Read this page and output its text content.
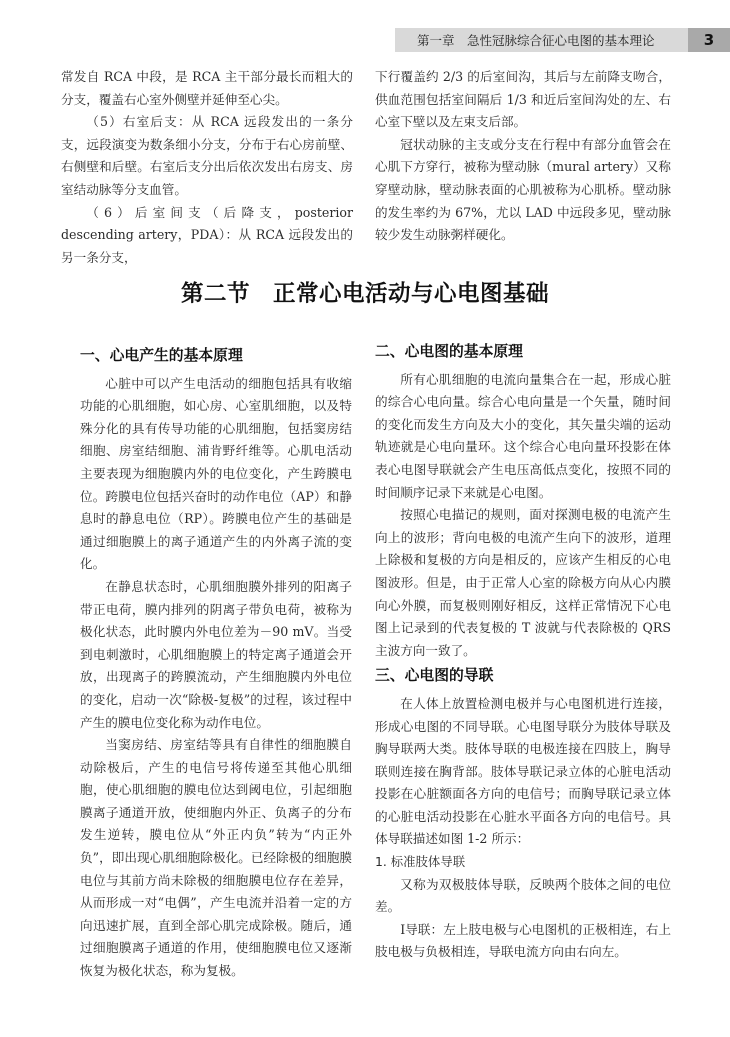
第一章　急性冠脉综合征心电图的基本理论	3

常发自 RCA 中段，是 RCA 主干部分最长而粗大的分支，覆盖右心室外侧壁并延伸至心尖。

（5）右室后支：从 RCA 远段发出的一条分支，远段演变为数条细小分支，分布于右心房前壁、右侧壁和后壁。右室后支分出后依次发出右房支、房室结动脉等分支血管。

（6）后室间支（后降支，posterior descending artery，PDA）：从 RCA 远段发出的另一条分支，

下行覆盖约 2/3 的后室间沟，其后与左前降支吻合，供血范围包括室间隔后 1/3 和近后室间沟处的左、右心室下壁以及左束支后部。

冠状动脉的主支或分支在行程中有部分血管会在心肌下方穿行，被称为壁动脉（mural artery）又称穿壁动脉，壁动脉表面的心肌被称为心肌桥。壁动脉的发生率约为 67%，尤以 LAD 中远段多见，壁动脉较少发生动脉粥样硬化。

第二节　正常心电活动与心电图基础
一、心电产生的基本原理

心脏中可以产生电活动的细胞包括具有收缩功能的心肌细胞，如心房、心室肌细胞，以及特殊分化的具有传导功能的心肌细胞，包括窦房结细胞、房室结细胞、浦肯野纤维等。心肌电活动主要表现为细胞膜内外的电位变化，产生跨膜电位。跨膜电位包括兴奋时的动作电位（AP）和静息时的静息电位（RP）。跨膜电位产生的基础是通过细胞膜上的离子通道产生的内外离子流的变化。

在静息状态时，心肌细胞膜外排列的阳离子带正电荷，膜内排列的阴离子带负电荷，被称为极化状态，此时膜内外电位差为－90 mV。当受到电刺激时，心肌细胞膜上的特定离子通道会开放，出现离子的跨膜流动，产生细胞膜内外电位的变化，启动一次“除极-复极”的过程，该过程中产生的膜电位变化称为动作电位。

当窦房结、房室结等具有自律性的细胞膜自动除极后，产生的电信号将传递至其他心肌细胞，使心肌细胞的膜电位达到阈电位，引起细胞膜离子通道开放，使细胞内外正、负离子的分布发生逆转，膜电位从“外正内负”转为“内正外负”，即出现心肌细胞除极化。已经除极的细胞膜电位与其前方尚未除极的细胞膜电位存在差异，从而形成一对“电偶”，产生电流并沿着一定的方向迅速扩展，直到全部心肌完成除极。随后，通过细胞膜离子通道的作用，使细胞膜电位又逐渐恢复为极化状态，称为复极。

二、心电图的基本原理

所有心肌细胞的电流向量集合在一起，形成心脏的综合心电向量。综合心电向量是一个矢量，随时间的变化而发生方向及大小的变化，其矢量尖端的运动轨迹就是心电向量环。这个综合心电向量环投影在体表心电图导联就会产生电压高低点变化，按照不同的时间顺序记录下来就是心电图。

按照心电描记的规则，面对探测电极的电流产生向上的波形；背向电极的电流产生向下的波形，道理上除极和复极的方向是相反的，应该产生相反的心电图波形。但是，由于正常人心室的除极方向从心内膜向心外膜，而复极则刚好相反，这样正常情况下心电图上记录到的代表复极的 T 波就与代表除极的 QRS 主波方向一致了。

三、心电图的导联

在人体上放置检测电极并与心电图机进行连接，形成心电图的不同导联。心电图导联分为肢体导联及胸导联两大类。肢体导联的电极连接在四肢上，胸导联则连接在胸背部。肢体导联记录立体的心脏电活动投影在心脏额面各方向的电信号；而胸导联记录立体的心脏电活动投影在心脏水平面各方向的电信号。具体导联描述如图 1-2 所示：

1. 标准肢体导联

又称为双极肢体导联，反映两个肢体之间的电位差。

Ⅰ导联：左上肢电极与心电图机的正极相连，右上肢电极与负极相连，导联电流方向由右向左。
